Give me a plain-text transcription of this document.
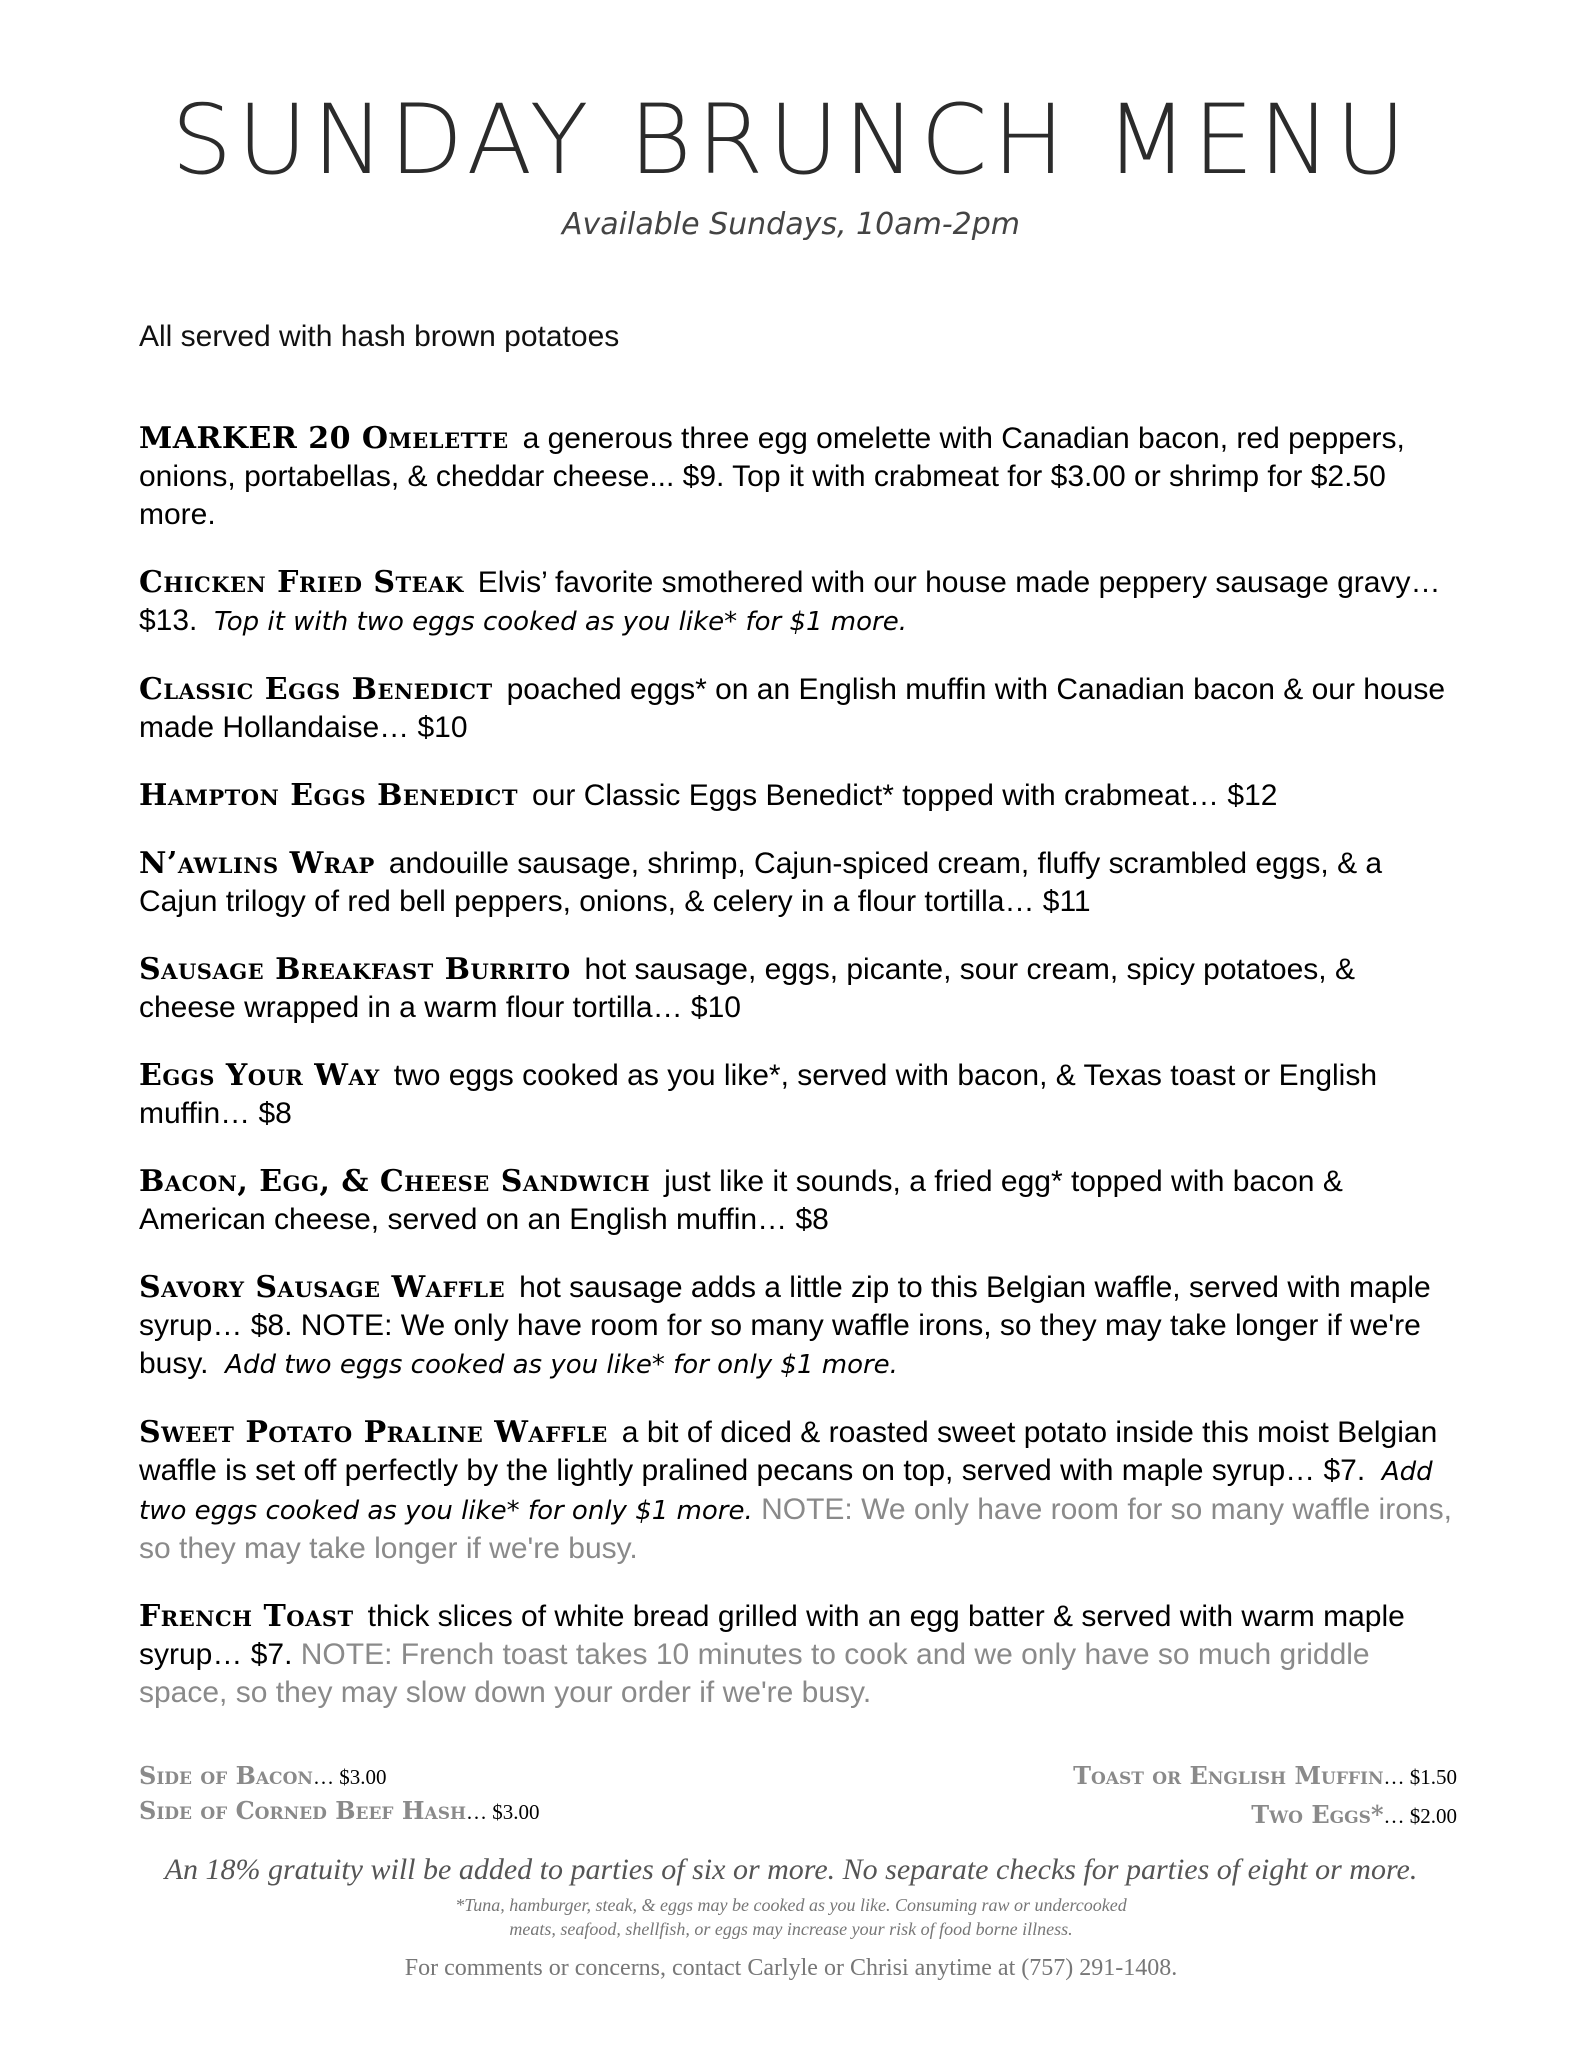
SUNDAY BRUNCH MENU
Available Sundays, 10am-2pm
All served with hash brown potatoes
MARKER 20 Omelette a generous three egg omelette with Canadian bacon, red peppers, onions, portabellas, & cheddar cheese... $9. Top it with crabmeat for $3.00 or shrimp for $2.50 more.
Chicken Fried Steak Elvis’ favorite smothered with our house made peppery sausage gravy… $13. Top it with two eggs cooked as you like* for $1 more.
Classic Eggs Benedict poached eggs* on an English muffin with Canadian bacon & our house made Hollandaise… $10
Hampton Eggs Benedict our Classic Eggs Benedict* topped with crabmeat… $12
N’awlins Wrap andouille sausage, shrimp, Cajun-spiced cream, fluffy scrambled eggs, & a Cajun trilogy of red bell peppers, onions, & celery in a flour tortilla… $11
Sausage Breakfast Burrito hot sausage, eggs, picante, sour cream, spicy potatoes, & cheese wrapped in a warm flour tortilla… $10
Eggs Your Way two eggs cooked as you like*, served with bacon, & Texas toast or English muffin… $8
Bacon, Egg, & Cheese Sandwich just like it sounds, a fried egg* topped with bacon & American cheese, served on an English muffin… $8
Savory Sausage Waffle hot sausage adds a little zip to this Belgian waffle, served with maple syrup… $8. NOTE: We only have room for so many waffle irons, so they may take longer if we're busy. Add two eggs cooked as you like* for only $1 more.
Sweet Potato Praline Waffle a bit of diced & roasted sweet potato inside this moist Belgian waffle is set off perfectly by the lightly pralined pecans on top, served with maple syrup… $7. Add two eggs cooked as you like* for only $1 more. NOTE: We only have room for so many waffle irons, so they may take longer if we're busy.
French Toast thick slices of white bread grilled with an egg batter & served with warm maple syrup… $7. NOTE: French toast takes 10 minutes to cook and we only have so much griddle space, so they may slow down your order if we're busy.
Side of Bacon… $3.00
Side of Corned Beef Hash… $3.00
Toast or English Muffin… $1.50
Two Eggs*… $2.00
An 18% gratuity will be added to parties of six or more. No separate checks for parties of eight or more.
*Tuna, hamburger, steak, & eggs may be cooked as you like. Consuming raw or undercooked
meats, seafood, shellfish, or eggs may increase your risk of food borne illness.
For comments or concerns, contact Carlyle or Chrisi anytime at (757) 291-1408.
